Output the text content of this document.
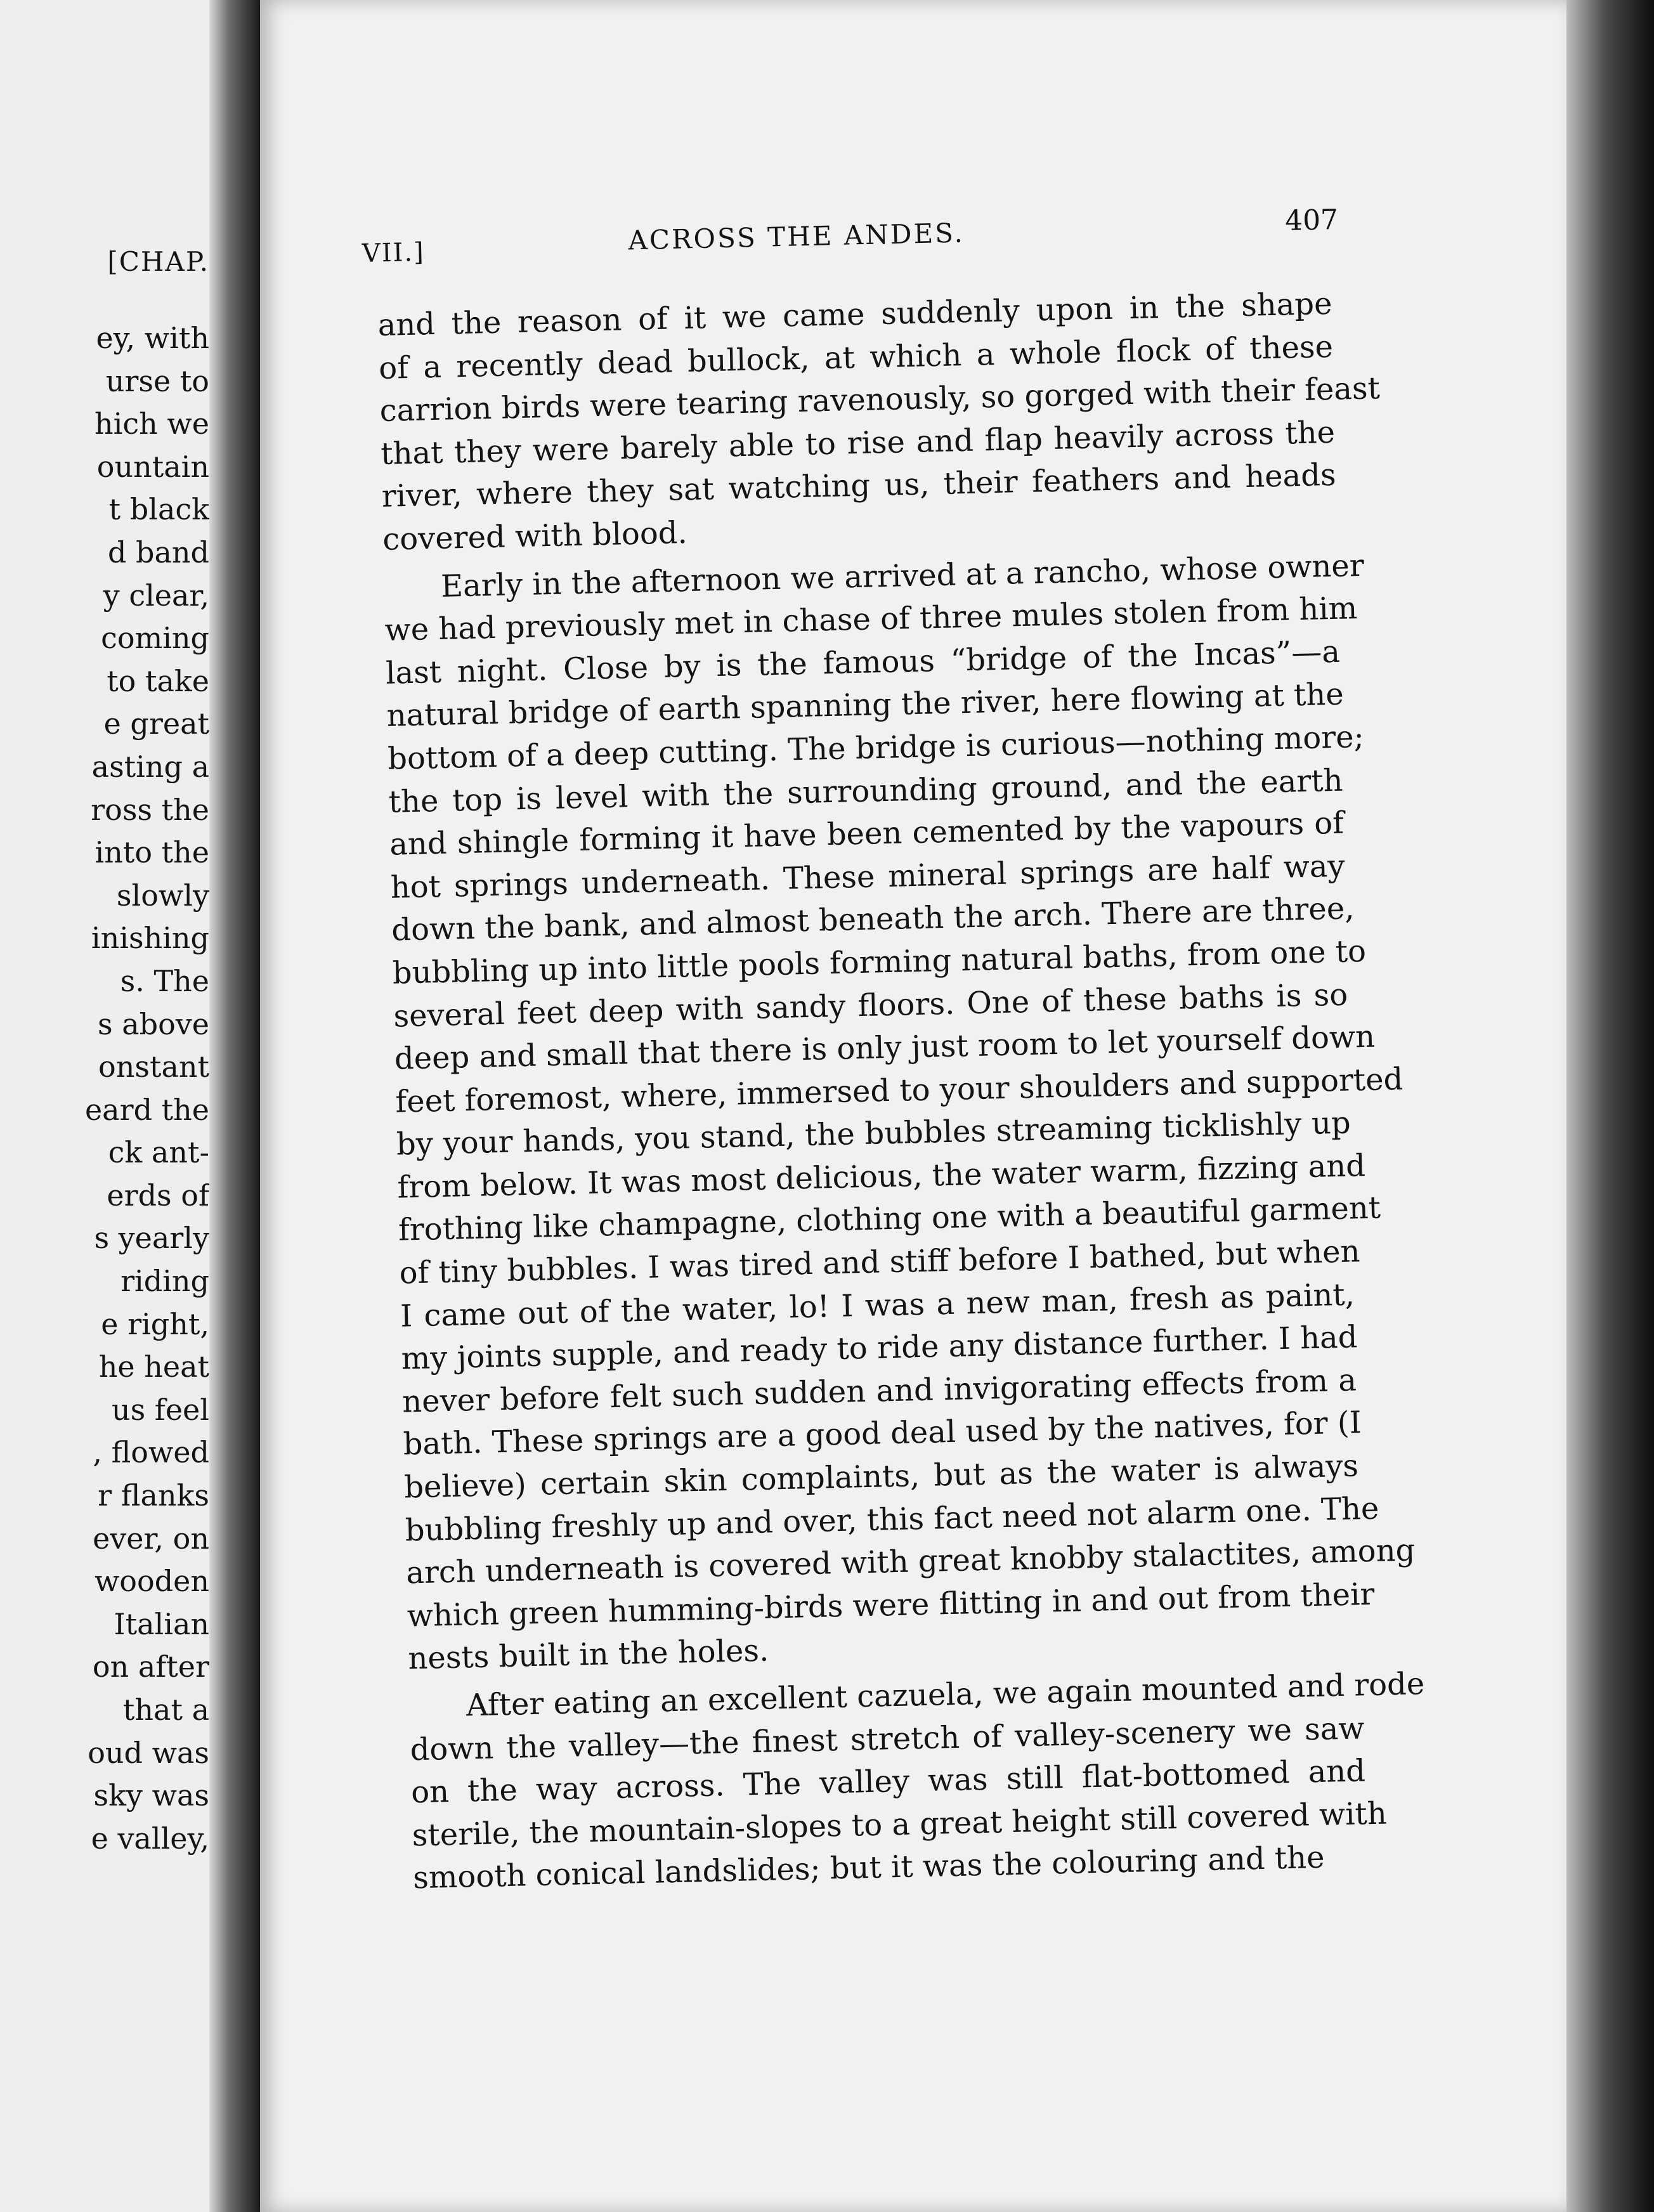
[CHAP.

ey, with
urse to
hich we
ountain
t black
d band
y clear,
coming
to take
e great
asting a
ross the
into the
slowly
inishing
s. The
s above
onstant
eard the
ck ant-
erds of
s yearly
riding
e right,
he heat
us feel
, flowed
r flanks
ever, on
wooden
Italian
on after
that a
oud was
sky was
e valley,

VII.]	ACROSS THE ANDES.	407

and the reason of it we came suddenly upon in the shape
of a recently dead bullock, at which a whole flock of these
carrion birds were tearing ravenously, so gorged with their feast
that they were barely able to rise and flap heavily across the
river, where they sat watching us, their feathers and heads
covered with blood.
Early in the afternoon we arrived at a rancho, whose owner
we had previously met in chase of three mules stolen from him
last night. Close by is the famous “bridge of the Incas”—a
natural bridge of earth spanning the river, here flowing at the
bottom of a deep cutting. The bridge is curious—nothing more;
the top is level with the surrounding ground, and the earth
and shingle forming it have been cemented by the vapours of
hot springs underneath. These mineral springs are half way
down the bank, and almost beneath the arch. There are three,
bubbling up into little pools forming natural baths, from one to
several feet deep with sandy floors. One of these baths is so
deep and small that there is only just room to let yourself down
feet foremost, where, immersed to your shoulders and supported
by your hands, you stand, the bubbles streaming ticklishly up
from below. It was most delicious, the water warm, fizzing and
frothing like champagne, clothing one with a beautiful garment
of tiny bubbles. I was tired and stiff before I bathed, but when
I came out of the water, lo! I was a new man, fresh as paint,
my joints supple, and ready to ride any distance further. I had
never before felt such sudden and invigorating effects from a
bath. These springs are a good deal used by the natives, for (I
believe) certain skin complaints, but as the water is always
bubbling freshly up and over, this fact need not alarm one. The
arch underneath is covered with great knobby stalactites, among
which green humming-birds were flitting in and out from their
nests built in the holes.
After eating an excellent cazuela, we again mounted and rode
down the valley—the finest stretch of valley-scenery we saw
on the way across. The valley was still flat-bottomed and
sterile, the mountain-slopes to a great height still covered with
smooth conical landslides; but it was the colouring and the
